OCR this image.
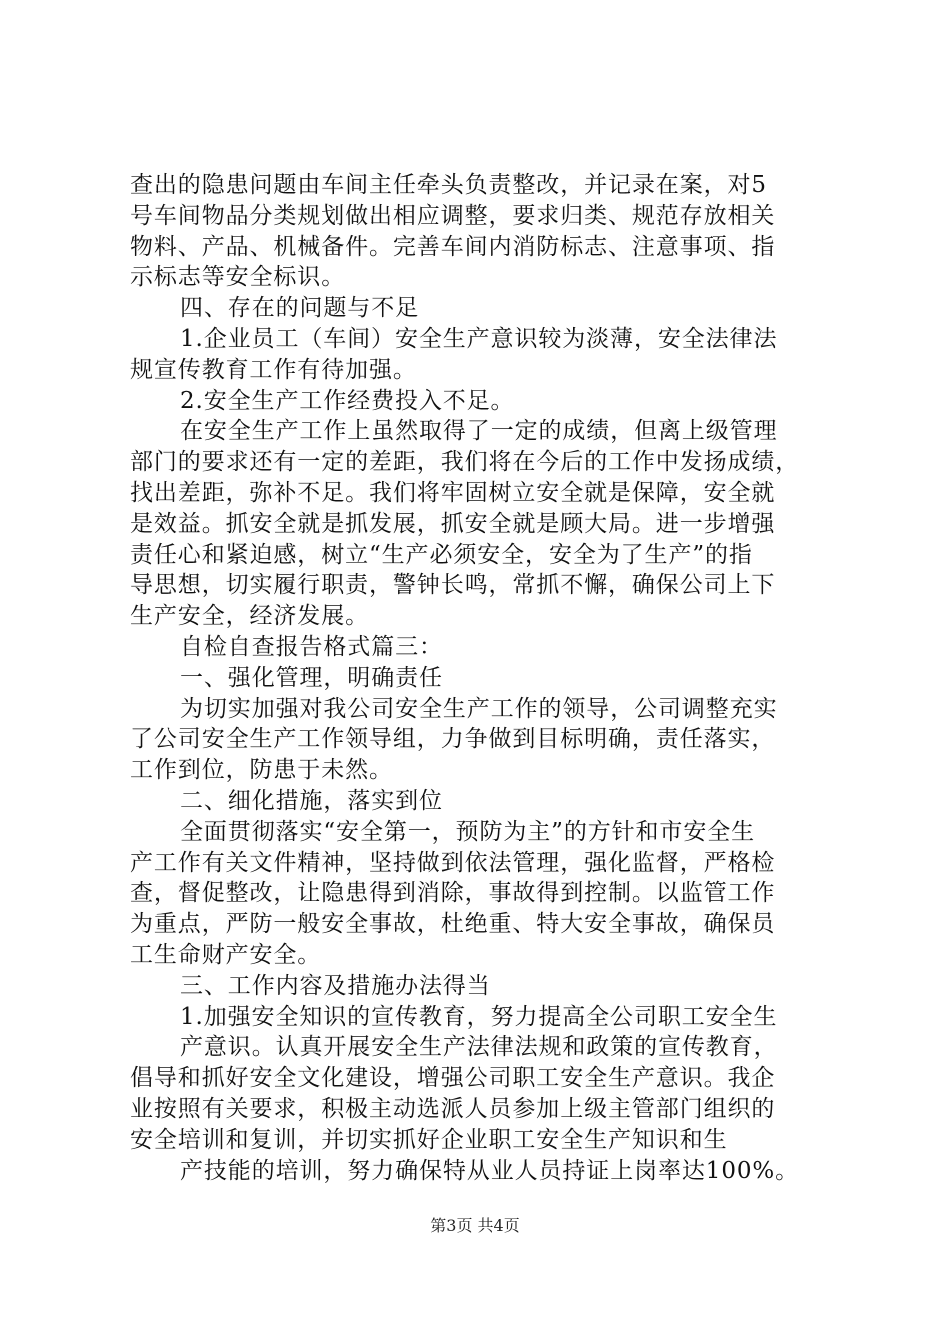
查出的隐患问题由车间主任牵头负责整改，并记录在案，对5
号车间物品分类规划做出相应调整，要求归类、规范存放相关
物料、产品、机械备件。完善车间内消防标志、注意事项、指
示标志等安全标识。
四、存在的问题与不足
1.企业员工（车间）安全生产意识较为淡薄，安全法律法
规宣传教育工作有待加强。
2.安全生产工作经费投入不足。
在安全生产工作上虽然取得了一定的成绩，但离上级管理
部门的要求还有一定的差距，我们将在今后的工作中发扬成绩，
找出差距，弥补不足。我们将牢固树立安全就是保障，安全就
是效益。抓安全就是抓发展，抓安全就是顾大局。进一步增强
责任心和紧迫感，树立“生产必须安全，安全为了生产”的指
导思想，切实履行职责，警钟长鸣，常抓不懈，确保公司上下
生产安全，经济发展。
自检自查报告格式篇三：
一、强化管理，明确责任
为切实加强对我公司安全生产工作的领导，公司调整充实
了公司安全生产工作领导组，力争做到目标明确，责任落实，
工作到位，防患于未然。
二、细化措施，落实到位
全面贯彻落实“安全第一，预防为主”的方针和市安全生
产工作有关文件精神，坚持做到依法管理，强化监督，严格检
查，督促整改，让隐患得到消除，事故得到控制。以监管工作
为重点，严防一般安全事故，杜绝重、特大安全事故，确保员
工生命财产安全。
三、工作内容及措施办法得当
1.加强安全知识的宣传教育，努力提高全公司职工安全生
产意识。认真开展安全生产法律法规和政策的宣传教育，
倡导和抓好安全文化建设，增强公司职工安全生产意识。我企
业按照有关要求，积极主动选派人员参加上级主管部门组织的
安全培训和复训，并切实抓好企业职工安全生产知识和生
产技能的培训，努力确保特从业人员持证上岗率达100%。
第3页 共4页
